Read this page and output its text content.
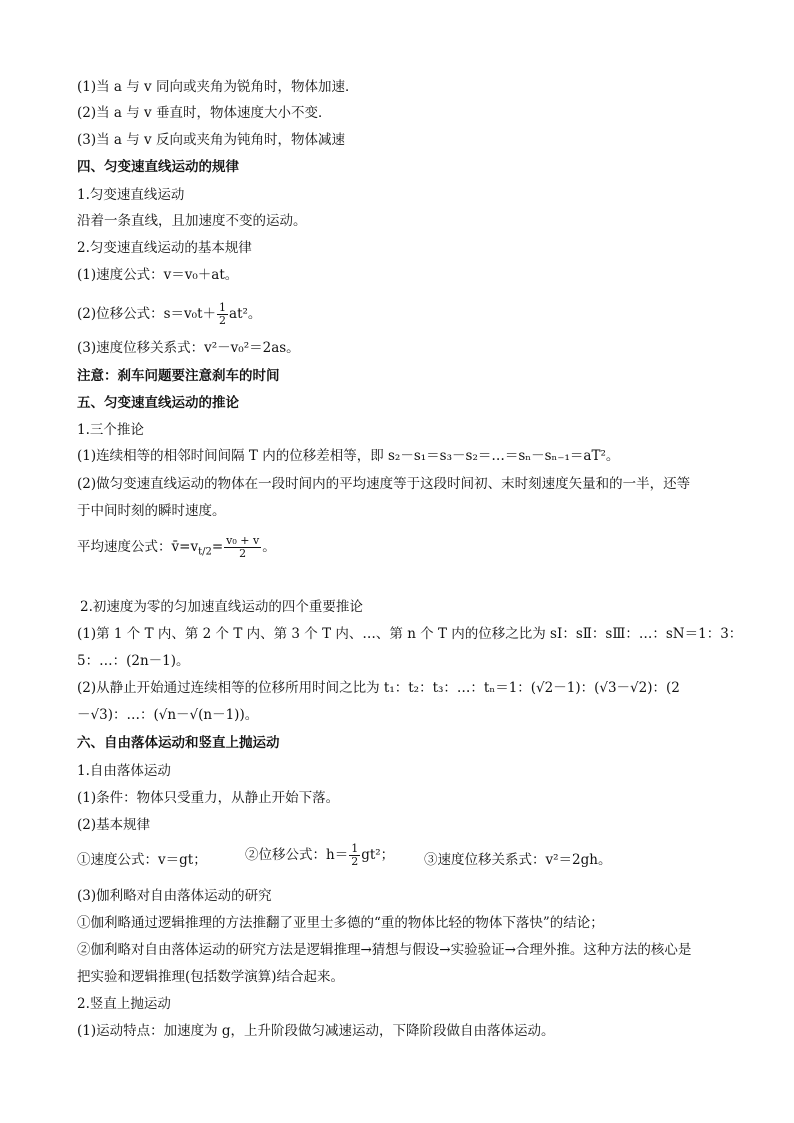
(1)当 a 与 v 同向或夹角为锐角时，物体加速．
(2)当 a 与 v 垂直时，物体速度大小不变．
(3)当 a 与 v 反向或夹角为钝角时，物体减速
四、匀变速直线运动的规律
1.匀变速直线运动
沿着一条直线，且加速度不变的运动。
2.匀变速直线运动的基本规律
(1)速度公式：v＝v₀＋at。
(2)位移公式：$s=v_0t+ \frac{1}{2} at^2$。
(3)速度位移关系式：v²－v₀²＝2as。
注意：刹车问题要注意刹车的时间
五、匀变速直线运动的推论
1.三个推论
(1)连续相等的相邻时间间隔 T 内的位移差相等，即 s₂－s₁＝s₃－s₂＝…＝sₙ－sₙ₋₁＝aT²。
(2)做匀变速直线运动的物体在一段时间内的平均速度等于这段时间初、末时刻速度矢量和的一半，还等
于中间时刻的瞬时速度。
平均速度公式：$v̄=v_{t/2}= \frac{\text{v₀ + v}}{2}$ 。
2.初速度为零的匀加速直线运动的四个重要推论
(1)第 1 个 T 内、第 2 个 T 内、第 3 个 T 内、…、第 n 个 T 内的位移之比为 sⅠ：sⅡ：sⅢ：…：sN＝1：3：
5：…：(2n－1)。
(2)从静止开始通过连续相等的位移所用时间之比为 t₁：t₂：t₃：…：tₙ＝1：(√2－1)：(√3－√2)：(2
－√3)：…：(√n－√(n－1))。
六、自由落体运动和竖直上抛运动
1.自由落体运动
(1)条件：物体只受重力，从静止开始下落。
(2)基本规律
①速度公式：v＝gt；	②位移公式：$h= \frac{1}{2} gt^2$； ③速度位移关系式：v²＝2gh。
(3)伽利略对自由落体运动的研究
①伽利略通过逻辑推理的方法推翻了亚里士多德的“重的物体比轻的物体下落快”的结论；
②伽利略对自由落体运动的研究方法是逻辑推理→猜想与假设→实验验证→合理外推。这种方法的核心是
把实验和逻辑推理(包括数学演算)结合起来。
2.竖直上抛运动
(1)运动特点：加速度为 g，上升阶段做匀减速运动，下降阶段做自由落体运动。
